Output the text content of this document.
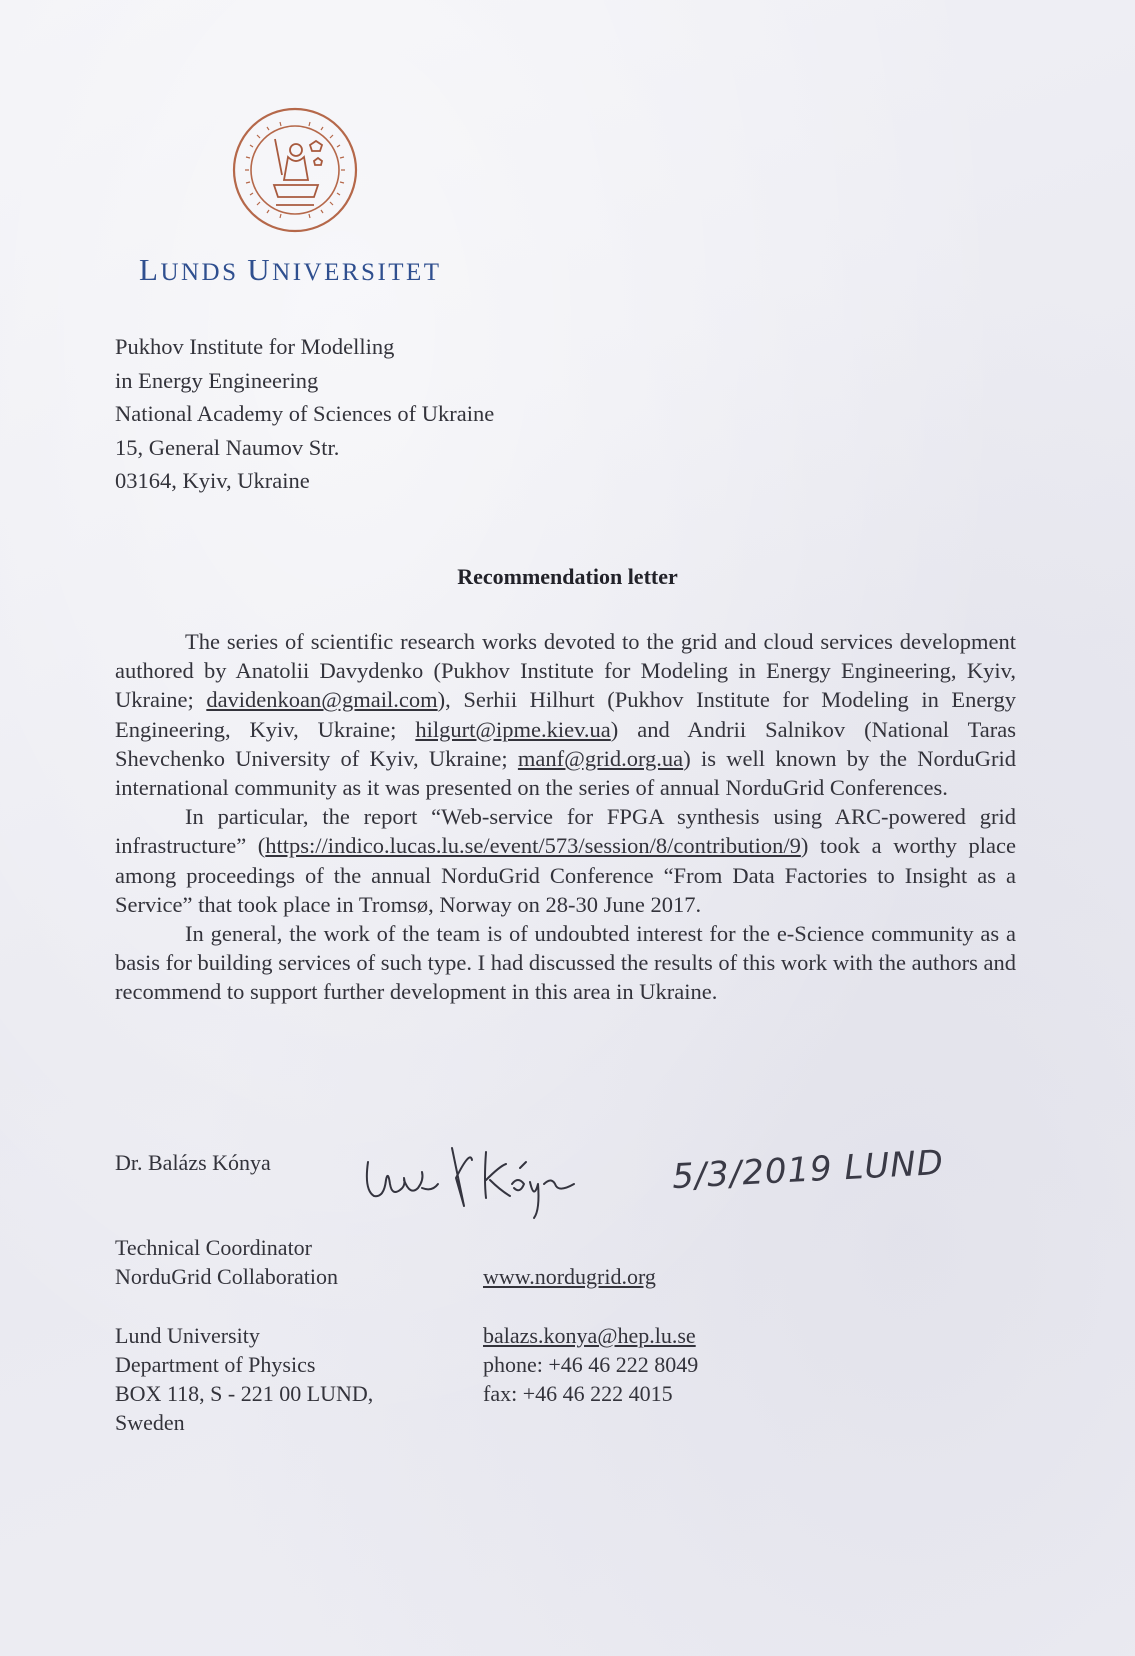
LUNDS UNIVERSITET
Pukhov Institute for Modelling
in Energy Engineering
National Academy of Sciences of Ukraine
15, General Naumov Str.
03164, Kyiv, Ukraine
Recommendation letter

The series of scientific research works devoted to the grid and cloud services development authored by Anatolii Davydenko (Pukhov Institute for Modeling in Energy Engineering, Kyiv, Ukraine; davidenkoan@gmail.com), Serhii Hilhurt (Pukhov Institute for Modeling in Energy Engineering, Kyiv, Ukraine; hilgurt@ipme.kiev.ua) and Andrii Salnikov (National Taras Shevchenko University of Kyiv, Ukraine; manf@grid.org.ua) is well known by the NorduGrid international community as it was presented on the series of annual NorduGrid Conferences.

In particular, the report “Web-service for FPGA synthesis using ARC-powered grid infrastructure” (https://indico.lucas.lu.se/event/573/session/8/contribution/9) took a worthy place among proceedings of the annual NorduGrid Conference “From Data Factories to Insight as a Service” that took place in Tromsø, Norway on 28-30 June 2017.

In general, the work of the team is of undoubted interest for the e-Science community as a basis for building services of such type. I had discussed the results of this work with the authors and recommend to support further development in this area in Ukraine.

Dr. Balázs Kónya	5/3/2019 LUND
Technical Coordinator
NorduGrid Collaboration	www.nordugrid.org
Lund University
Department of Physics
BOX 118, S - 221 00 LUND,
Sweden
balazs.konya@hep.lu.se
phone: +46 46 222 8049
fax: +46 46 222 4015
